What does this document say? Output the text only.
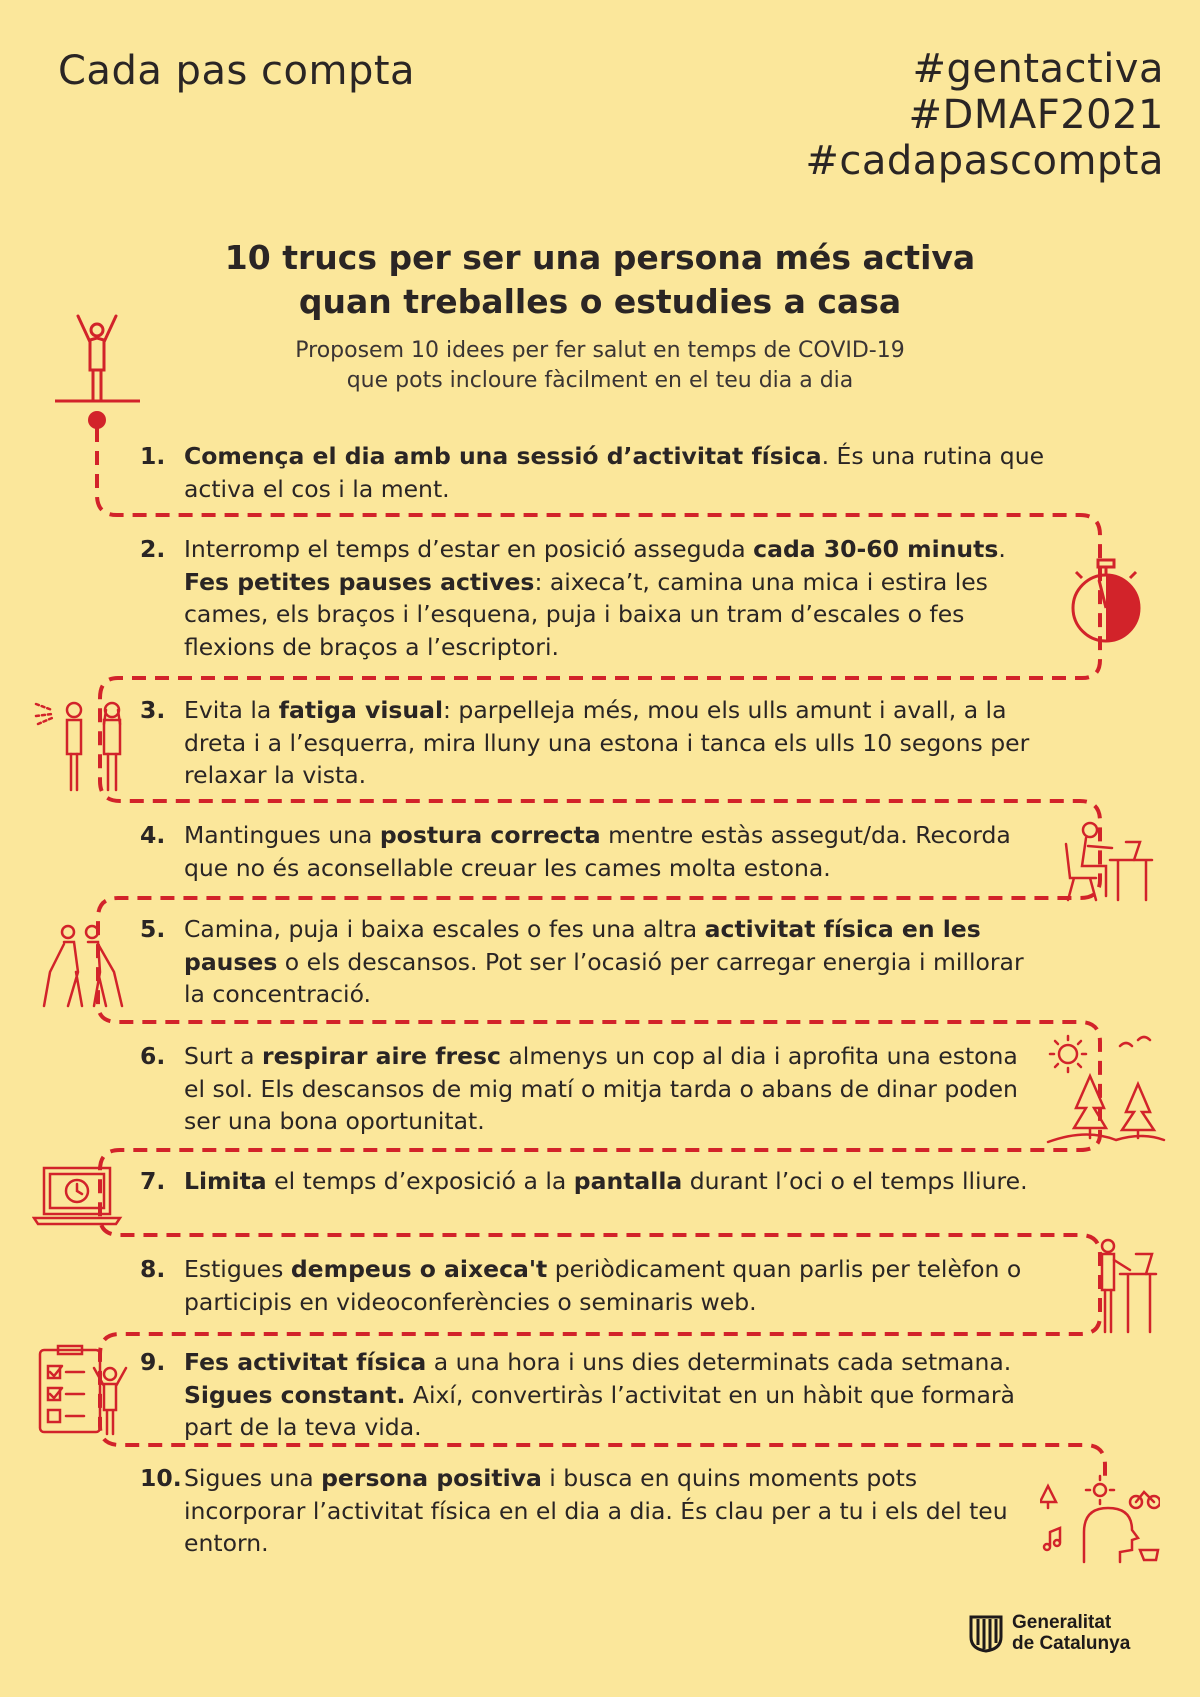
Cada pas compta	#gentactiva
#DMAF2021
#cadapascompta
10 trucs per ser una persona més activa
quan treballes o estudies a casa
Proposem 10 idees per fer salut en temps de COVID-19
que pots incloure fàcilment en el teu dia a dia
1. Comença el dia amb una sessió d’activitat física. És una rutina que activa el cos i la ment.
2. Interromp el temps d’estar en posició asseguda cada 30-60 minuts. Fes petites pauses actives: aixeca’t, camina una mica i estira les cames, els braços i l’esquena, puja i baixa un tram d’escales o fes flexions de braços a l’escriptori.
3. Evita la fatiga visual: parpelleja més, mou els ulls amunt i avall, a la dreta i a l’esquerra, mira lluny una estona i tanca els ulls 10 segons per relaxar la vista.
4. Mantingues una postura correcta mentre estàs assegut/da. Recorda que no és aconsellable creuar les cames molta estona.
5. Camina, puja i baixa escales o fes una altra activitat física en les pauses o els descansos. Pot ser l’ocasió per carregar energia i millorar la concentració.
6. Surt a respirar aire fresc almenys un cop al dia i aprofita una estona el sol. Els descansos de mig matí o mitja tarda o abans de dinar poden ser una bona oportunitat.
7. Limita el temps d’exposició a la pantalla durant l’oci o el temps lliure.
8. Estigues dempeus o aixeca't periòdicament quan parlis per telèfon o participis en videoconferències o seminaris web.
9. Fes activitat física a una hora i uns dies determinats cada setmana. Sigues constant. Així, convertiràs l’activitat en un hàbit que formarà part de la teva vida.
10. Sigues una persona positiva i busca en quins moments pots incorporar l’activitat física en el dia a dia. És clau per a tu i els del teu entorn.
Generalitat
de Catalunya
